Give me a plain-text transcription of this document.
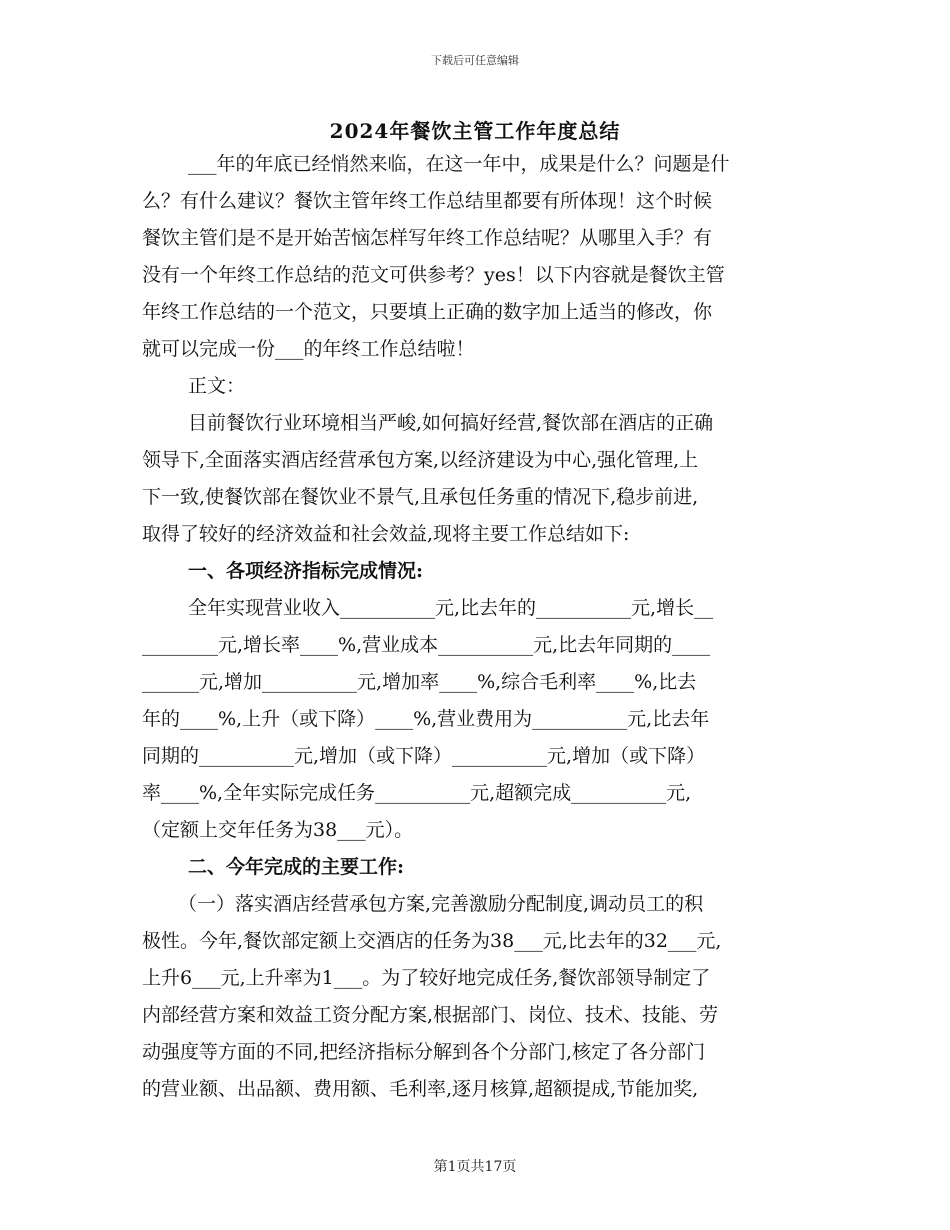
下载后可任意编辑
2024年餐饮主管工作年度总结
___年的年底已经悄然来临，在这一年中，成果是什么？问题是什
么？有什么建议？餐饮主管年终工作总结里都要有所体现！这个时候
餐饮主管们是不是开始苦恼怎样写年终工作总结呢？从哪里入手？有
没有一个年终工作总结的范文可供参考？yes！以下内容就是餐饮主管
年终工作总结的一个范文，只要填上正确的数字加上适当的修改，你
就可以完成一份___的年终工作总结啦！
正文：
目前餐饮行业环境相当严峻,如何搞好经营,餐饮部在酒店的正确
领导下,全面落实酒店经营承包方案,以经济建设为中心,强化管理,上
下一致,使餐饮部在餐饮业不景气,且承包任务重的情况下,稳步前进,
取得了较好的经济效益和社会效益,现将主要工作总结如下:
一、各项经济指标完成情况:
全年实现营业收入__________元,比去年的__________元,增长__
________元,增长率____%,营业成本__________元,比去年同期的____
______元,增加__________元,增加率____%,综合毛利率____%,比去
年的____%,上升（或下降）____%,营业费用为__________元,比去年
同期的__________元,增加（或下降）__________元,增加（或下降）
率____%,全年实际完成任务__________元,超额完成__________元,
（定额上交年任务为38___元）。
二、今年完成的主要工作:
（一）落实酒店经营承包方案,完善激励分配制度,调动员工的积
极性。今年,餐饮部定额上交酒店的任务为38___元,比去年的32___元,
上升6___元,上升率为1___。为了较好地完成任务,餐饮部领导制定了
内部经营方案和效益工资分配方案,根据部门、岗位、技术、技能、劳
动强度等方面的不同,把经济指标分解到各个分部门,核定了各分部门
的营业额、出品额、费用额、毛利率,逐月核算,超额提成,节能加奖,
第1页共17页
